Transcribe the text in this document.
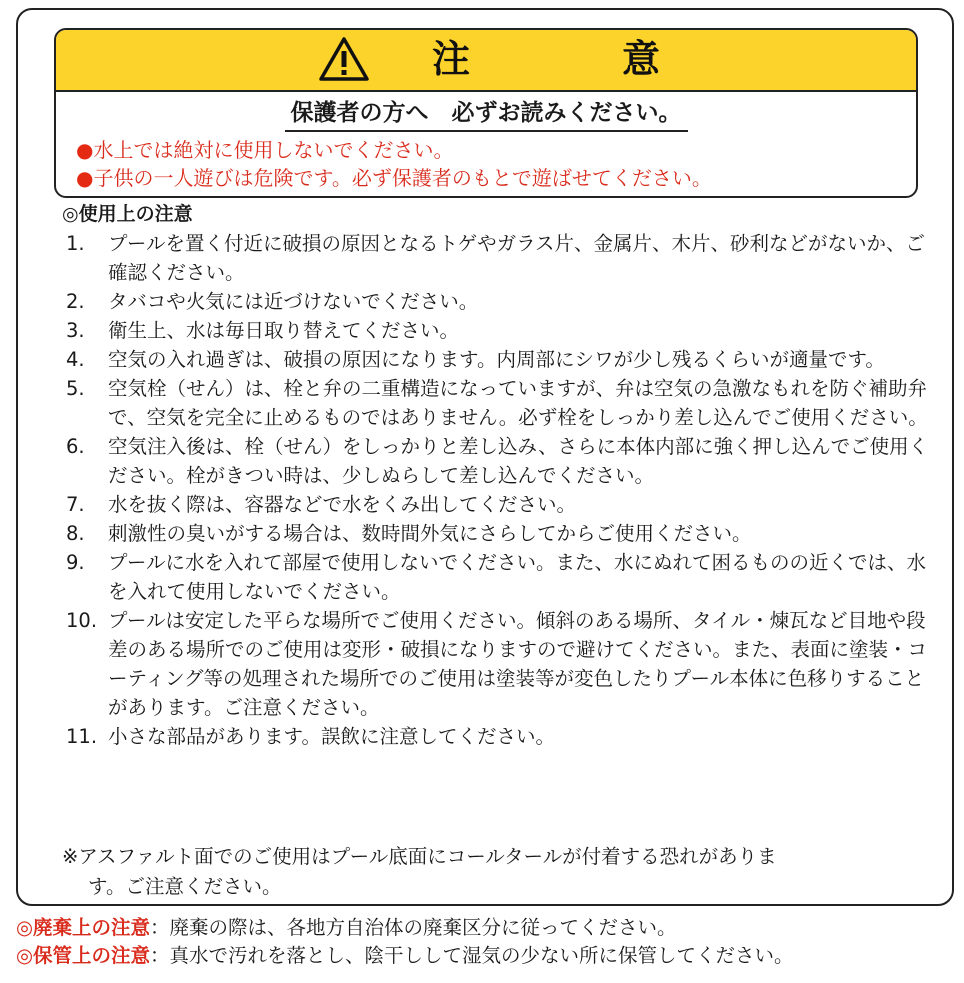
注	意
保護者の方へ　必ずお読みください。
●水上では絶対に使用しないでください。
●子供の一人遊びは危険です。必ず保護者のもとで遊ばせてください。
◎使用上の注意
1. プールを置く付近に破損の原因となるトゲやガラス片、金属片、木片、砂利などがないか、ご確認ください。
2. タバコや火気には近づけないでください。
3. 衛生上、水は毎日取り替えてください。
4. 空気の入れ過ぎは、破損の原因になります。内周部にシワが少し残るくらいが適量です。
5. 空気栓（せん）は、栓と弁の二重構造になっていますが、弁は空気の急激なもれを防ぐ補助弁で、空気を完全に止めるものではありません。必ず栓をしっかり差し込んでご使用ください。
6. 空気注入後は、栓（せん）をしっかりと差し込み、さらに本体内部に強く押し込んでご使用ください。栓がきつい時は、少しぬらして差し込んでください。
7. 水を抜く際は、容器などで水をくみ出してください。
8. 刺激性の臭いがする場合は、数時間外気にさらしてからご使用ください。
9. プールに水を入れて部屋で使用しないでください。また、水にぬれて困るものの近くでは、水を入れて使用しないでください。
10. プールは安定した平らな場所でご使用ください。傾斜のある場所、タイル・煉瓦など目地や段差のある場所でのご使用は変形・破損になりますので避けてください。また、表面に塗装・コーティング等の処理された場所でのご使用は塗装等が変色したりプール本体に色移りすることがあります。ご注意ください。
11. 小さな部品があります。誤飲に注意してください。
※アスファルト面でのご使用はプール底面にコールタールが付着する恐れがありま
す。ご注意ください。
◎廃棄上の注意：廃棄の際は、各地方自治体の廃棄区分に従ってください。
◎保管上の注意：真水で汚れを落とし、陰干しして湿気の少ない所に保管してください。
